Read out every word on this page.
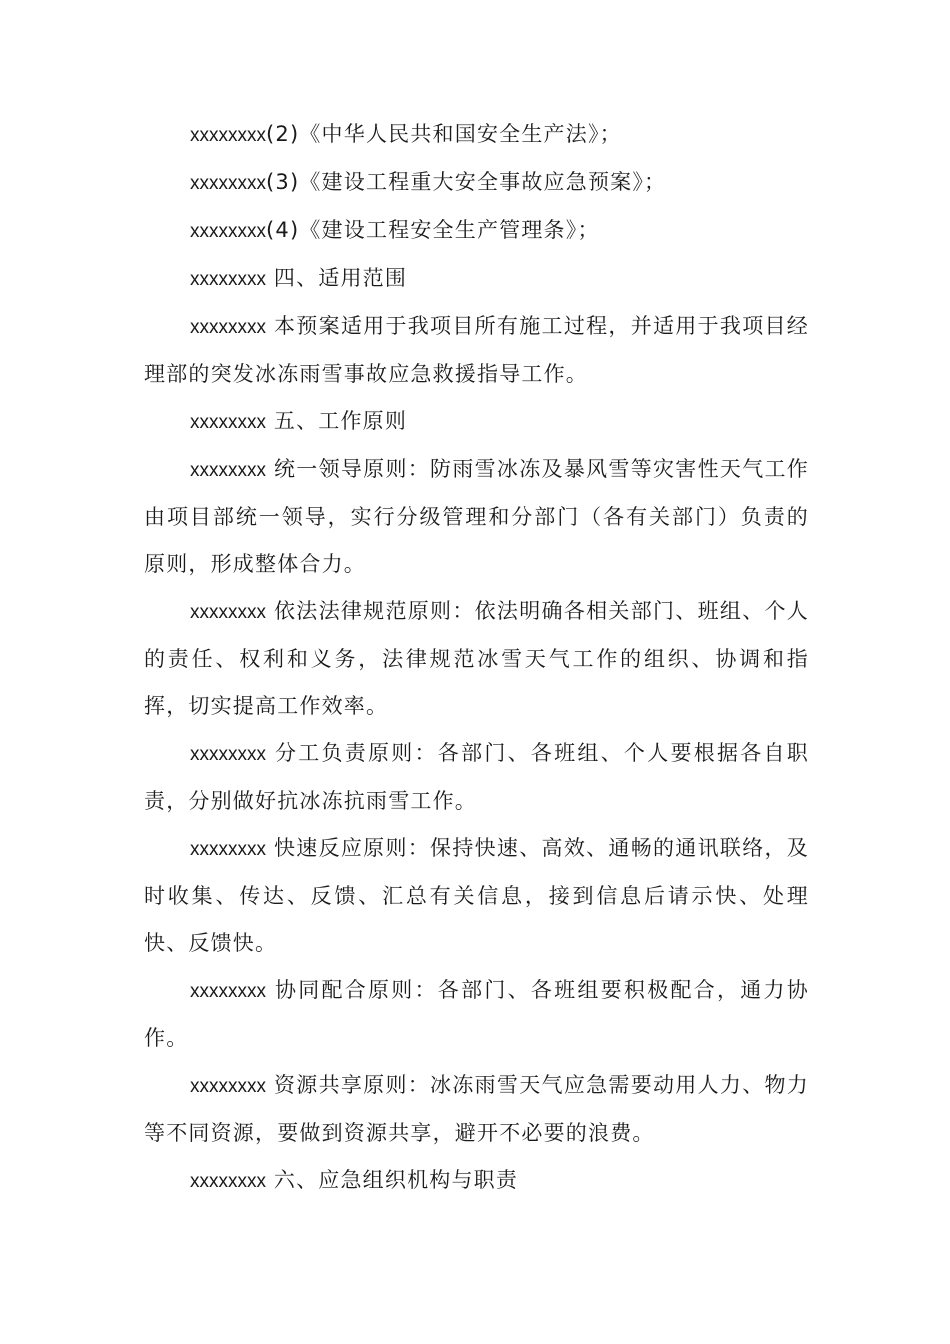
xxxxxxxx(2)《中华人民共和国安全生产法》；

xxxxxxxx(3)《建设工程重大安全事故应急预案》；

xxxxxxxx(4)《建设工程安全生产管理条》；

xxxxxxxx 四、适用范围

xxxxxxxx 本预案适用于我项目所有施工过程，并适用于我项目经理部的突发冰冻雨雪事故应急救援指导工作。

xxxxxxxx 五、工作原则

xxxxxxxx 统一领导原则：防雨雪冰冻及暴风雪等灾害性天气工作由项目部统一领导，实行分级管理和分部门（各有关部门）负责的原则，形成整体合力。

xxxxxxxx 依法法律规范原则：依法明确各相关部门、班组、个人的责任、权利和义务，法律规范冰雪天气工作的组织、协调和指挥，切实提高工作效率。

xxxxxxxx 分工负责原则：各部门、各班组、个人要根据各自职责，分别做好抗冰冻抗雨雪工作。

xxxxxxxx 快速反应原则：保持快速、高效、通畅的通讯联络，及时收集、传达、反馈、汇总有关信息，接到信息后请示快、处理快、反馈快。

xxxxxxxx 协同配合原则：各部门、各班组要积极配合，通力协作。

xxxxxxxx 资源共享原则：冰冻雨雪天气应急需要动用人力、物力等不同资源，要做到资源共享，避开不必要的浪费。

xxxxxxxx 六、应急组织机构与职责
